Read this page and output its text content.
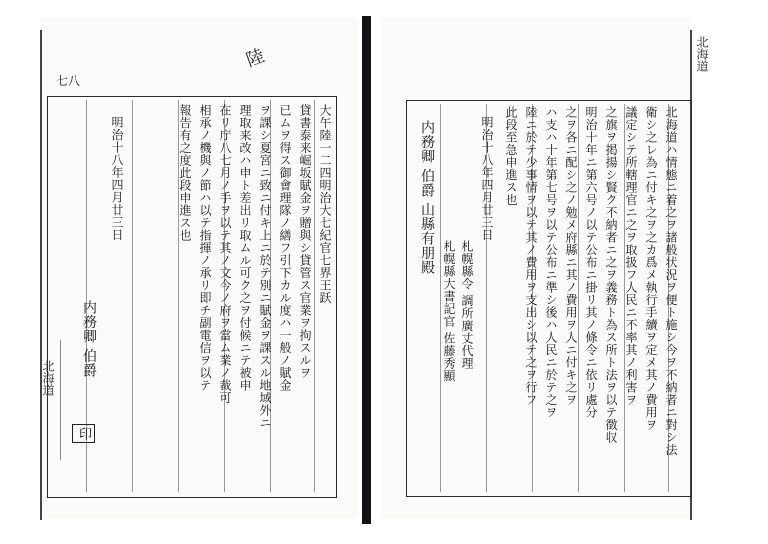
七八
陸
大午陸一二四明治大七紀官七界王跃
貸書泰来崛坂賦金ヲ贈與シ貸管ス官業ヲ拘スルヲ
已ムヲ得ス御會理隊ノ繕フ引下カル度ハ一般ノ賦金
ヲ課シ夏宮ニ致ニ付キ上ニ於テ別ニ賦金ヲ課スル地域外ニ
理取来改ハ申ト差出リ取ムル可ク之ヲ付候ニテ被申
在リ庁八七月ノ手ヲ以テ其ノ文今ノ府ヲ當ム業ノ裁可
相承ノ機與ノ節ハ以テ指揮ノ承リ即チ副電信ヲ以テ
報告有之度此段申進ス也
明治十八年四月廿三日
内務卿 伯爵
印
北海道	北海道ハ情態ニ着之ヲ諸般状況ヲ便ト施シ今ヲ不納者ニ對シ法
衛シ之レ為ニ付キ之ヲ之カ爲メ執行手續ヲ定メ其ノ費用ヲ
議定シテ所轄理官ニ之ヲ取扱フ人民ニ不率其ノ利害ヲ
之旗ヲ掲揚シ賢ク不納者ニ之ヲ義務ト為ス所ト法ヲ以テ徴収
明治十年ニ第六号ノ以テ公布ニ掛リ其ノ條令ニ依リ處分
之ヲ各ニ配シ之ノ勉メ府縣ニ其ノ費用ヲ人ニ付キ之ヲ
ハ支ハ十年第七号ヲ以テ公布ニ準シ後ハ人民ニ於テ之ヲ
陸ニ於テ少事情ヲ以テ其ノ費用ヲ支出シ以テ之ヲ行フ
此段至急申進ス也
明治十八年四月廿三日
札幌縣令 調所廣丈代理
札幌縣大書記官 佐藤秀顯
内務卿 伯爵 山縣有朋殿
北海道
